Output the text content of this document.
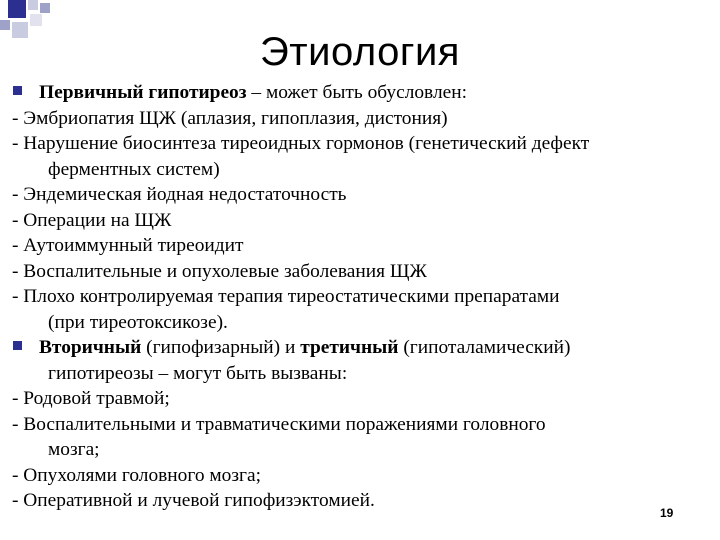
Этиология
Первичный гипотиреоз – может быть обусловлен:
- Эмбриопатия ЩЖ (аплазия, гипоплазия, дистония)
- Нарушение биосинтеза тиреоидных гормонов (генетический дефект
ферментных систем)
- Эндемическая йодная недостаточность
- Операции на ЩЖ
- Аутоиммунный тиреоидит
- Воспалительные и опухолевые заболевания ЩЖ
- Плохо контролируемая терапия тиреостатическими препаратами
(при тиреотоксикозе).
Вторичный (гипофизарный) и третичный (гипоталамический)
гипотиреозы – могут быть вызваны:
- Родовой травмой;
- Воспалительными и травматическими поражениями головного
мозга;
- Опухолями головного мозга;
- Оперативной и лучевой гипофизэктомией.
19
